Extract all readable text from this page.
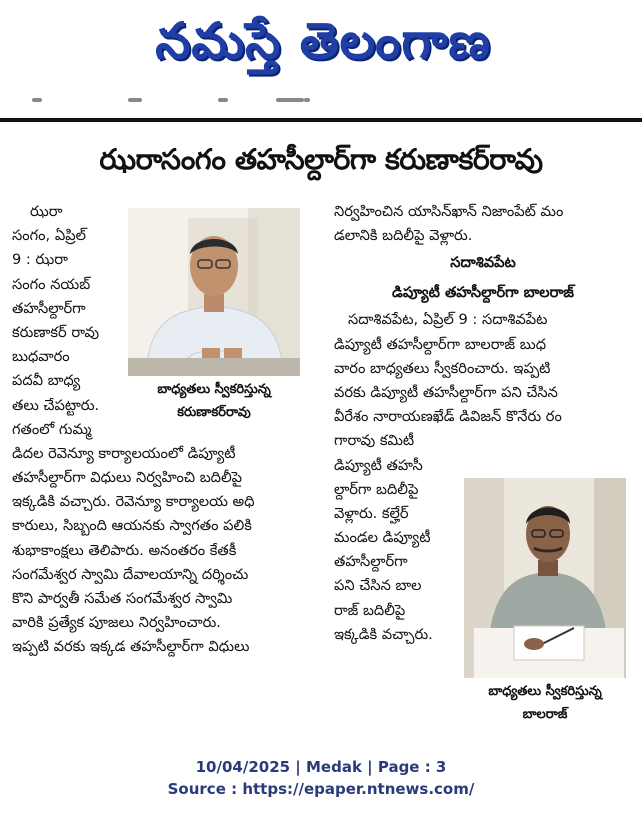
నమస్తే తెలంగాణ
ఝరాసంగం తహసీల్దార్‌గా కరుణాకర్‌రావు
ఝరా
సంగం, ఏప్రిల్
9 : ఝరా
సంగం నయబ్
తహసీల్దార్‌గా
కరుణాకర్ రావు
బుధవారం
పదవీ బాధ్య
తలు చేపట్టారు.
గతంలో గుమ్మ
డిదల రెవెన్యూ కార్యాలయంలో డిప్యూటీ
తహసీల్దార్‌గా విధులు నిర్వహించి బదిలీపై
ఇక్కడికి వచ్చారు. రెవెన్యూ కార్యాలయ అధి
కారులు, సిబ్బంది ఆయనకు స్వాగతం పలికి
శుభాకాంక్షలు తెలిపారు. అనంతరం కేతకీ
సంగమేశ్వర స్వామి దేవాలయాన్ని దర్శించు
కొని పార్వతీ సమేత సంగమేశ్వర స్వామి
వారికి ప్రత్యేక పూజలు నిర్వహించారు.
ఇప్పటి వరకు ఇక్కడ తహసీల్దార్‌గా విధులు
బాధ్యతలు స్వీకరిస్తున్న
కరుణాకర్‌రావు
నిర్వహించిన యాసిన్‌ఖాన్ నిజాంపేట్ మం
డలానికి బదిలీపై వెళ్లారు.
సదాశివపేట
డిప్యూటీ తహసీల్దార్‌గా బాలరాజ్
సదాశివపేట, ఏప్రిల్ 9 : సదాశివపేట
డిప్యూటీ తహసీల్దార్‌గా బాలరాజ్ బుధ
వారం బాధ్యతలు స్వీకరించారు. ఇప్పటి
వరకు డిప్యూటీ తహసీల్దార్‌గా పని చేసిన
వీరేశం నారాయణఖేడ్ డివిజన్ కొనేరు రం
గారావు కమిటీ
డిప్యూటీ తహసీ
ల్దార్‌గా బదిలీపై
వెళ్లారు. కల్హేర్
మండల డిప్యూటీ
తహసీల్దార్‌గా
పని చేసిన బాల
రాజ్ బదిలీపై
ఇక్కడికి వచ్చారు.
బాధ్యతలు స్వీకరిస్తున్న
బాలరాజ్
10/04/2025 | Medak | Page : 3
Source : https://epaper.ntnews.com/
